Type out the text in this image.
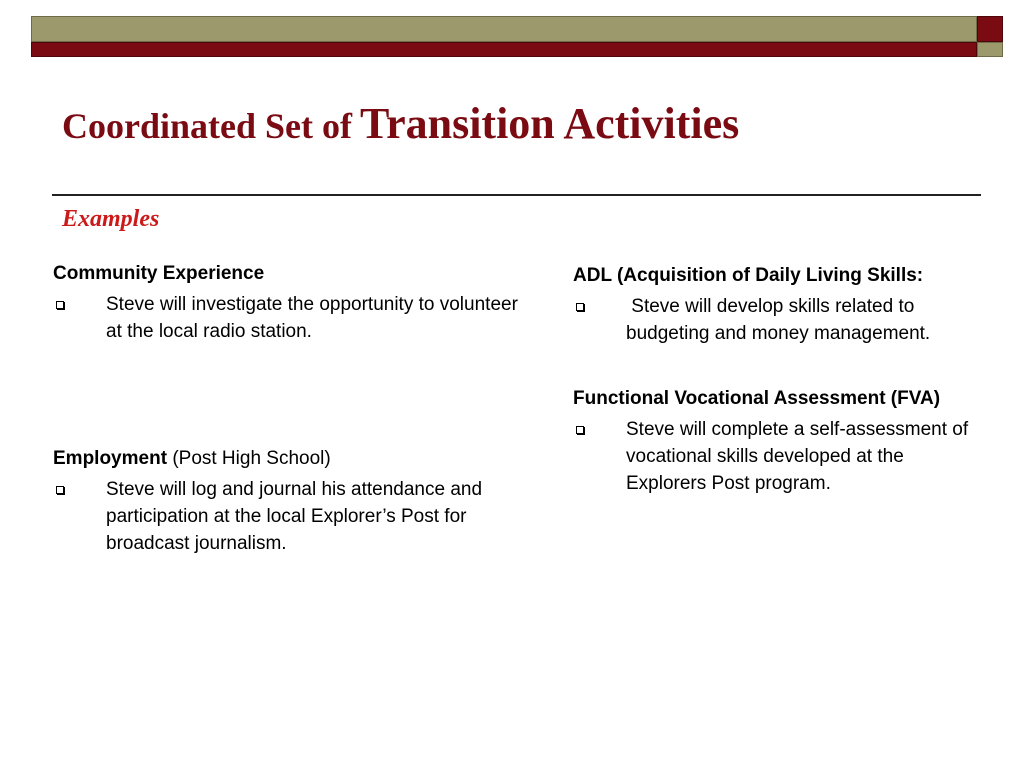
Coordinated Set of Transition Activities
Examples
Community Experience
Steve will investigate the opportunity to volunteer at the local radio station.
Employment (Post High School)
Steve will log and journal his attendance and participation at the local Explorer’s Post for broadcast journalism.
ADL (Acquisition of Daily Living Skills:
Steve will develop skills related to budgeting and money management.
Functional Vocational Assessment (FVA)
Steve will complete a self-assessment of vocational skills developed at the Explorers Post program.
